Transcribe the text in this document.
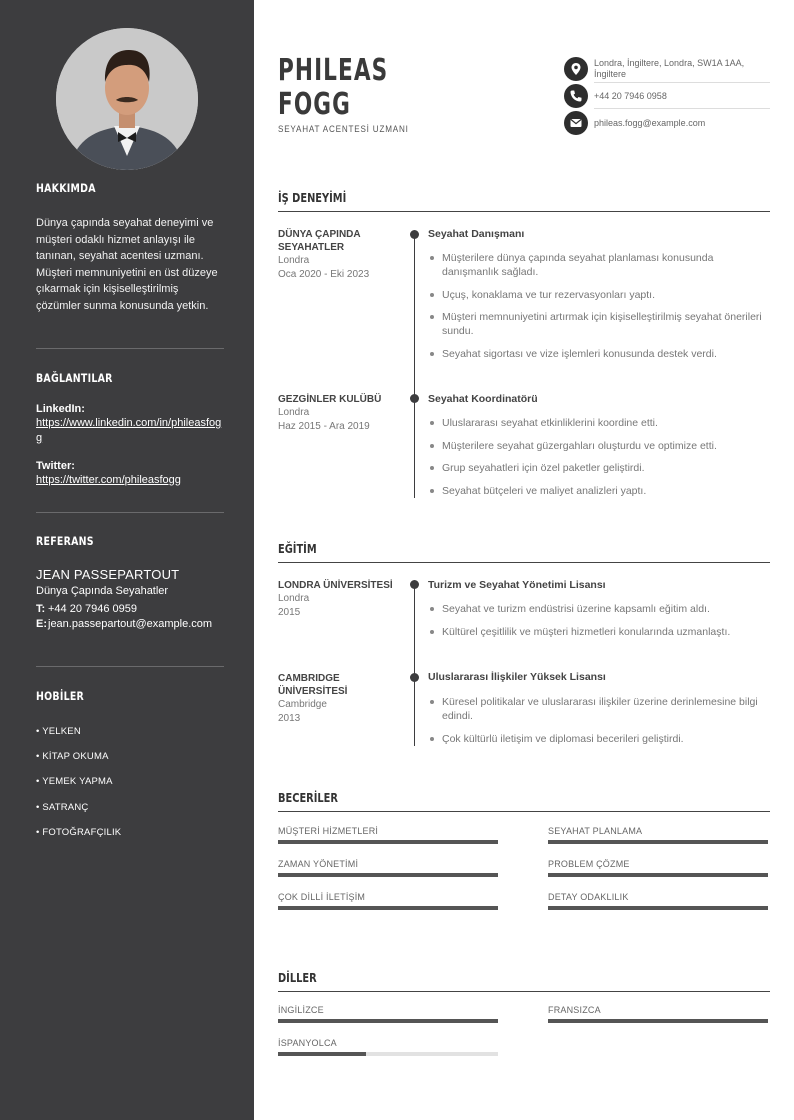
HAKKIMDA
Dünya çapında seyahat deneyimi ve müşteri odaklı hizmet anlayışı ile tanınan, seyahat acentesi uzmanı. Müşteri memnuniyetini en üst düzeye çıkarmak için kişiselleştirilmiş çözümler sunma konusunda yetkin.
BAĞLANTILAR
LinkedIn:
https://www.linkedin.com/in/phileasfogg
Twitter:
https://twitter.com/phileasfogg
REFERANS
JEAN PASSEPARTOUT
Dünya Çapında Seyahatler
T: +44 20 7946 0959
E: jean.passepartout@example.com
HOBİLER
• YELKEN
• KİTAP OKUMA
• YEMEK YAPMA
• SATRANÇ
• FOTOĞRAFÇILIK
PHILEAS
FOGG
SEYAHAT ACENTESİ UZMANI
Londra, İngiltere, Londra, SW1A 1AA, İngiltere
+44 20 7946 0958
phileas.fogg@example.com
İŞ DENEYİMİ
DÜNYA ÇAPINDA SEYAHATLER
Londra
Oca 2020 - Eki 2023
Seyahat Danışmanı
Müşterilere dünya çapında seyahat planlaması konusunda danışmanlık sağladı.
Uçuş, konaklama ve tur rezervasyonları yaptı.
Müşteri memnuniyetini artırmak için kişiselleştirilmiş seyahat önerileri sundu.
Seyahat sigortası ve vize işlemleri konusunda destek verdi.
GEZGİNLER KULÜBÜ
Londra
Haz 2015 - Ara 2019
Seyahat Koordinatörü
Uluslararası seyahat etkinliklerini koordine etti.
Müşterilere seyahat güzergahları oluşturdu ve optimize etti.
Grup seyahatleri için özel paketler geliştirdi.
Seyahat bütçeleri ve maliyet analizleri yaptı.
EĞİTİM
LONDRA ÜNİVERSİTESİ
Londra
2015
Turizm ve Seyahat Yönetimi Lisansı
Seyahat ve turizm endüstrisi üzerine kapsamlı eğitim aldı.
Kültürel çeşitlilik ve müşteri hizmetleri konularında uzmanlaştı.
CAMBRIDGE ÜNİVERSİTESİ
Cambridge
2013
Uluslararası İlişkiler Yüksek Lisansı
Küresel politikalar ve uluslararası ilişkiler üzerine derinlemesine bilgi edindi.
Çok kültürlü iletişim ve diplomasi becerileri geliştirdi.
BECERİLER
MÜŞTERİ HİZMETLERİ	SEYAHAT PLANLAMA
ZAMAN YÖNETİMİ	PROBLEM ÇÖZME
ÇOK DİLLİ İLETİŞİM	DETAY ODAKLILIK
DİLLER
İNGİLİZCE	FRANSIZCA
İSPANYOLCA
